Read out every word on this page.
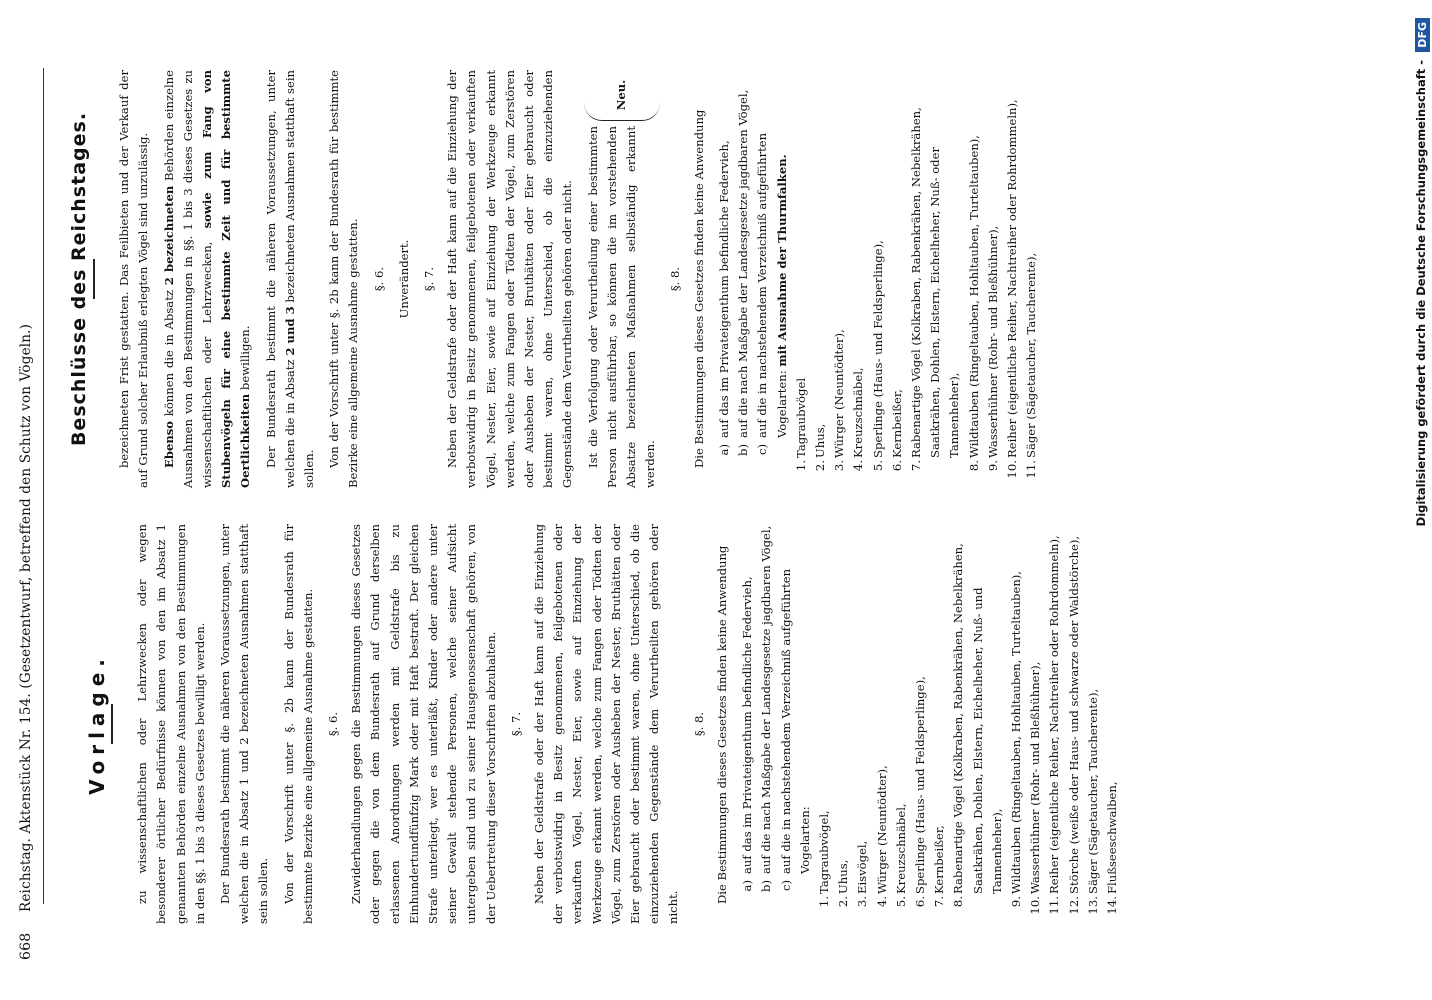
668
Reichstag. Aktenstück Nr. 154. (Gesetzentwurf, betreffend den Schutz von Vögeln.)	Vorlage. zu wissenschaftlichen oder Lehrzwecken oder wegen besonderer örtlicher Bedürfnisse können von den im Absatz 1 genannten Behörden einzelne Ausnahmen von den Bestimmungen in den §§. 1 bis 3 dieses Gesetzes bewilligt werden. Der Bundesrath bestimmt die näheren Voraussetzungen, unter welchen die in Absatz 1 und 2 bezeichneten Ausnahmen statthaft sein sollen. Von der Vorschrift unter §. 2b kann der Bundesrath für bestimmte Bezirke eine allgemeine Ausnahme gestatten. §. 6. Zuwiderhandlungen gegen die Bestimmungen dieses Gesetzes oder gegen die von dem Bundesrath auf Grund derselben erlassenen Anordnungen werden mit Geldstrafe bis zu Einhundertundfünfzig Mark oder mit Haft bestraft. Der gleichen Strafe unterliegt, wer es unterläßt, Kinder oder andere unter seiner Gewalt stehende Personen, welche seiner Aufsicht untergeben sind und zu seiner Hausgenossenschaft gehören, von der Uebertretung dieser Vorschriften abzuhalten. §. 7. Neben der Geldstrafe oder der Haft kann auf die Einziehung der verbotswidrig in Besitz genommenen, feilgebotenen oder verkauften Vögel, Nester, Eier, sowie auf Einziehung der Werkzeuge erkannt werden, welche zum Fangen oder Tödten der Vögel, zum Zerstören oder Ausheben der Nester, Bruthätten oder Eier gebraucht oder bestimmt waren, ohne Unterschied, ob die einzuziehenden Gegenstände dem Verurtheilten gehören oder nicht.

§. 8. Die Bestimmungen dieses Gesetzes finden keine Anwendung a)
auf das im Privateigenthum befindliche Federvieh,
b)
auf die nach Maßgabe der Landesgesetze jagdbaren Vögel,
c)
auf die in nachstehendem Verzeichniß aufgeführten Vogelarten:
1.
Tagraubvögel,
2.
Uhus,
3.
Eisvögel,
4.
Würger (Neuntödter),
5.
Kreuzschnäbel,
6.
Sperlinge (Haus- und Feldsperlinge),
7.
Kernbeißer,
8.
Rabenartige Vögel (Kolkraben, Rabenkrähen, Nebelkrähen, Saatkrähen, Dohlen, Elstern, Eichelheher, Nuß- und Tannenheher),
9.
Wildtauben (Ringeltauben, Hohltauben, Turteltauben),
10.
Wasserhühner (Rohr- und Bleßhühner),
11.
Reiher (eigentliche Reiher, Nachtreiher oder Rohrdommeln),
12.
Störche (weiße oder Haus- und schwarze oder Waldstörche),
13.
Säger (Sägetaucher, Taucherente),
14.
Flußseeschwalben,
Beschlüsse des Reichstages. bezeichneten Frist gestatten. Das Feilbieten und der Verkauf der auf Grund solcher Erlaubniß erlegten Vögel sind unzulässig. Ebenso können die in Absatz 2 bezeichneten Behörden einzelne Ausnahmen von den Bestimmungen in §§. 1 bis 3 dieses Gesetzes zu wissenschaftlichen oder Lehrzwecken, sowie zum Fang von Stubenvögeln für eine bestimmte Zeit und für bestimmte Oertlichkeiten bewilligen. Der Bundesrath bestimmt die näheren Voraussetzungen, unter welchen die in Absatz 2 und 3 bezeichneten Ausnahmen statthaft sein sollen.

Von der Vorschrift unter §. 2b kann der Bundesrath für bestimmte Bezirke eine allgemeine Ausnahme gestatten. §. 6. Unverändert. §. 7. Neben der Geldstrafe oder der Haft kann auf die Einziehung der verbotswidrig in Besitz genommenen, feilgebotenen oder verkauften Vögel, Nester, Eier, sowie auf Einziehung der Werkzeuge erkannt werden, welche zum Fangen oder Tödten der Vögel, zum Zerstören oder Ausheben der Nester, Bruthätten oder Eier gebraucht oder bestimmt waren, ohne Unterschied, ob die einzuziehenden Gegenstände dem Verurtheilten gehören oder nicht. Ist die Verfolgung oder Verurtheilung einer bestimmten Person nicht ausführbar, so können die im vorstehenden Absatze bezeichneten Maßnahmen selbständig erkannt werden.

Neu.
§. 8. Die Bestimmungen dieses Gesetzes finden keine Anwendung a)
auf das im Privateigenthum befindliche Federvieh,
b)
auf die nach Maßgabe der Landesgesetze jagdbaren Vögel,
c)
auf die in nachstehendem Verzeichniß aufgeführten Vogelarten: mit Ausnahme der Thurmfalken.
1.
Tagraubvögel
2.
Uhus,
3.
Würger (Neuntödter),
4.
Kreuzschnäbel,
5.
Sperlinge (Haus- und Feldsperlinge),
6.
Kernbeißer,
7.
Rabenartige Vögel (Kolkraben, Rabenkrähen, Nebelkrähen, Saatkrähen, Dohlen, Elstern, Eichelheher, Nuß- oder Tannenheher),
8.
Wildtauben (Ringeltauben, Hohltauben, Turteltauben),
9.
Wasserhühner (Rohr- und Bleßhühner),
10.
Reiher (eigentliche Reiher, Nachtreiher oder Rohrdommeln),
11.
Säger (Sägetaucher, Taucherente),	Digitalisierung gefördert durch die Deutsche Forschungsgemeinschaft -
DFG
